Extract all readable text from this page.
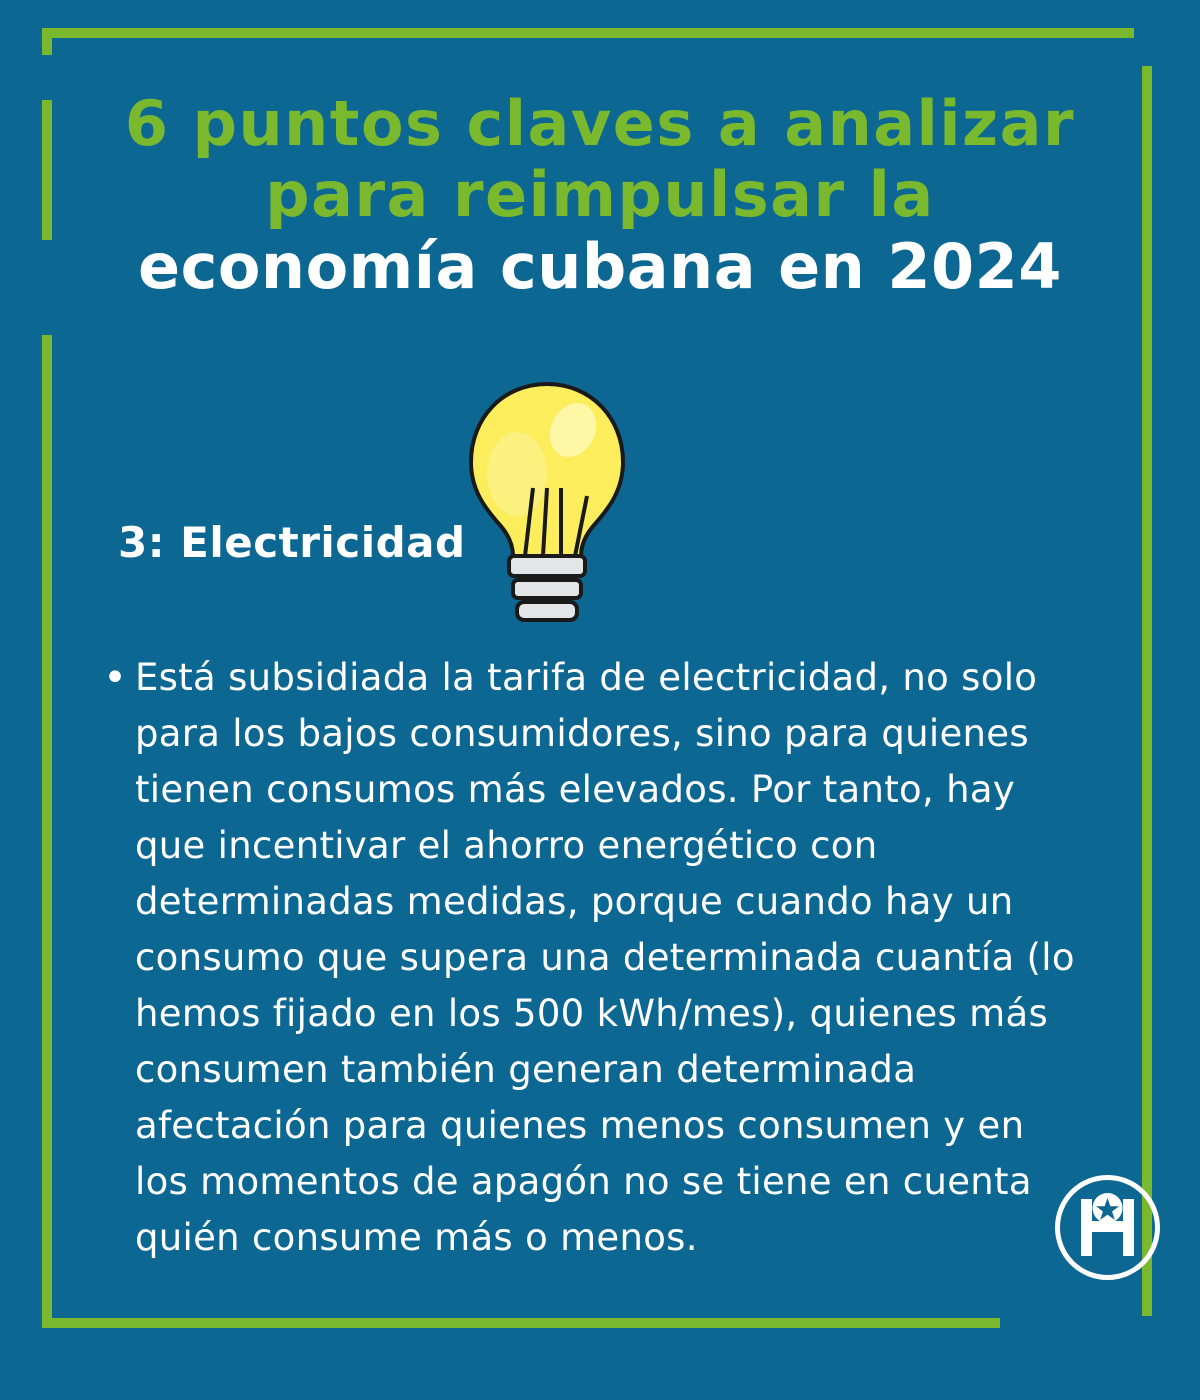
6 puntos claves a analizar
para reimpulsar la
economía cubana en 2024
3: Electricidad
• Está subsidiada la tarifa de electricidad, no solo para los bajos consumidores, sino para quienes tienen consumos más elevados. Por tanto, hay que incentivar el ahorro energético con determinadas medidas, porque cuando hay un consumo que supera una determinada cuantía (lo hemos fijado en los 500 kWh/mes), quienes más consumen también generan determinada afectación para quienes menos consumen y en los momentos de apagón no se tiene en cuenta quién consume más o menos.
